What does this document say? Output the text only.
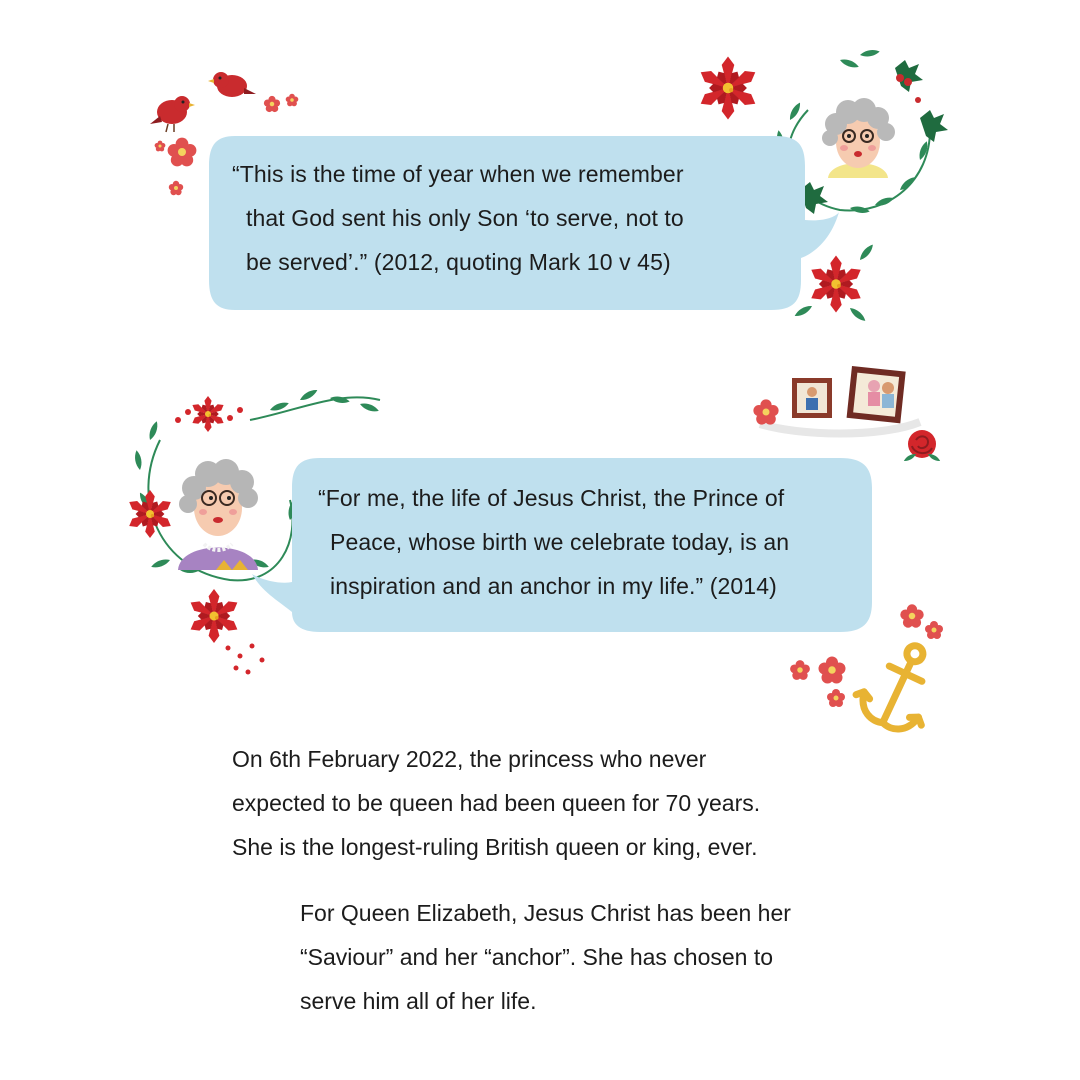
“This is the time of year when we remember
that God sent his only Son ‘to serve, not to
be served’.” (2012, quoting Mark 10 v 45)
“For me, the life of Jesus Christ, the Prince of
Peace, whose birth we celebrate today, is an
inspiration and an anchor in my life.” (2014)
On 6th February 2022, the princess who never
expected to be queen had been queen for 70 years.
She is the longest-ruling British queen or king, ever.
For Queen Elizabeth, Jesus Christ has been her
“Saviour” and her “anchor”. She has chosen to
serve him all of her life.
